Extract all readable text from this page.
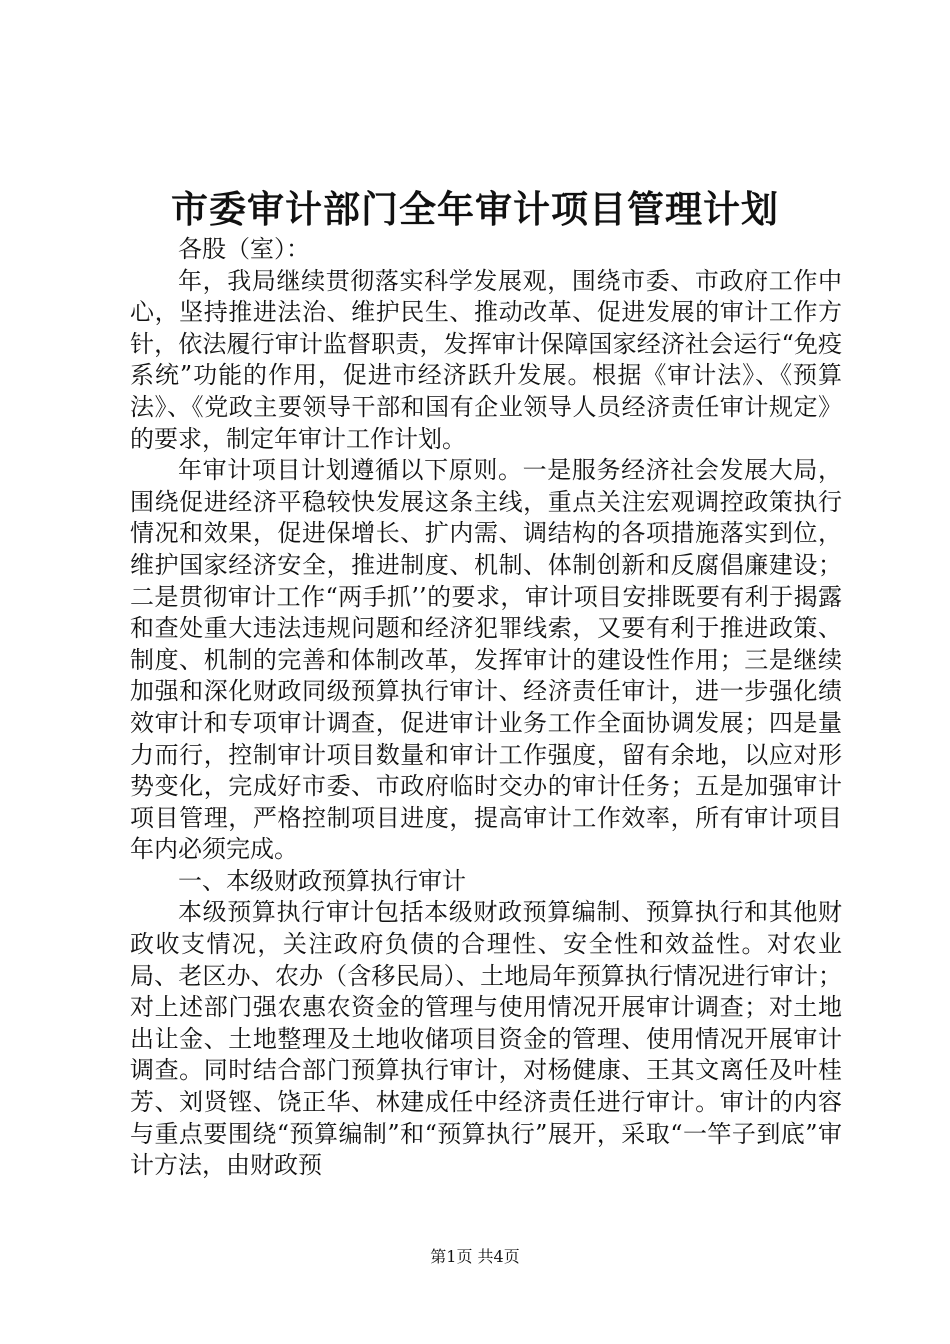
市委审计部门全年审计项目管理计划

各股（室）：

年，我局继续贯彻落实科学发展观，围绕市委、市政府工作中心，坚持推进法治、维护民生、推动改革、促进发展的审计工作方针，依法履行审计监督职责，发挥审计保障国家经济社会运行“免疫系统”功能的作用，促进市经济跃升发展。根据《审计法》、《预算法》、《党政主要领导干部和国有企业领导人员经济责任审计规定》的要求，制定年审计工作计划。

年审计项目计划遵循以下原则。一是服务经济社会发展大局，围绕促进经济平稳较快发展这条主线，重点关注宏观调控政策执行情况和效果，促进保增长、扩内需、调结构的各项措施落实到位，维护国家经济安全，推进制度、机制、体制创新和反腐倡廉建设；二是贯彻审计工作“两手抓’’的要求，审计项目安排既要有利于揭露和查处重大违法违规问题和经济犯罪线索，又要有利于推进政策、制度、机制的完善和体制改革，发挥审计的建设性作用；三是继续加强和深化财政同级预算执行审计、经济责任审计，进一步强化绩效审计和专项审计调查，促进审计业务工作全面协调发展；四是量力而行，控制审计项目数量和审计工作强度，留有余地，以应对形势变化，完成好市委、市政府临时交办的审计任务；五是加强审计项目管理，严格控制项目进度，提高审计工作效率，所有审计项目年内必须完成。

一、本级财政预算执行审计

本级预算执行审计包括本级财政预算编制、预算执行和其他财政收支情况，关注政府负债的合理性、安全性和效益性。对农业局、老区办、农办（含移民局）、土地局年预算执行情况进行审计；对上述部门强农惠农资金的管理与使用情况开展审计调查；对土地出让金、土地整理及土地收储项目资金的管理、使用情况开展审计调查。同时结合部门预算执行审计，对杨健康、王其文离任及叶桂芳、刘贤铿、饶正华、林建成任中经济责任进行审计。审计的内容与重点要围绕“预算编制”和“预算执行”展开，采取“一竿子到底”审计方法，由财政预

第1页 共4页
